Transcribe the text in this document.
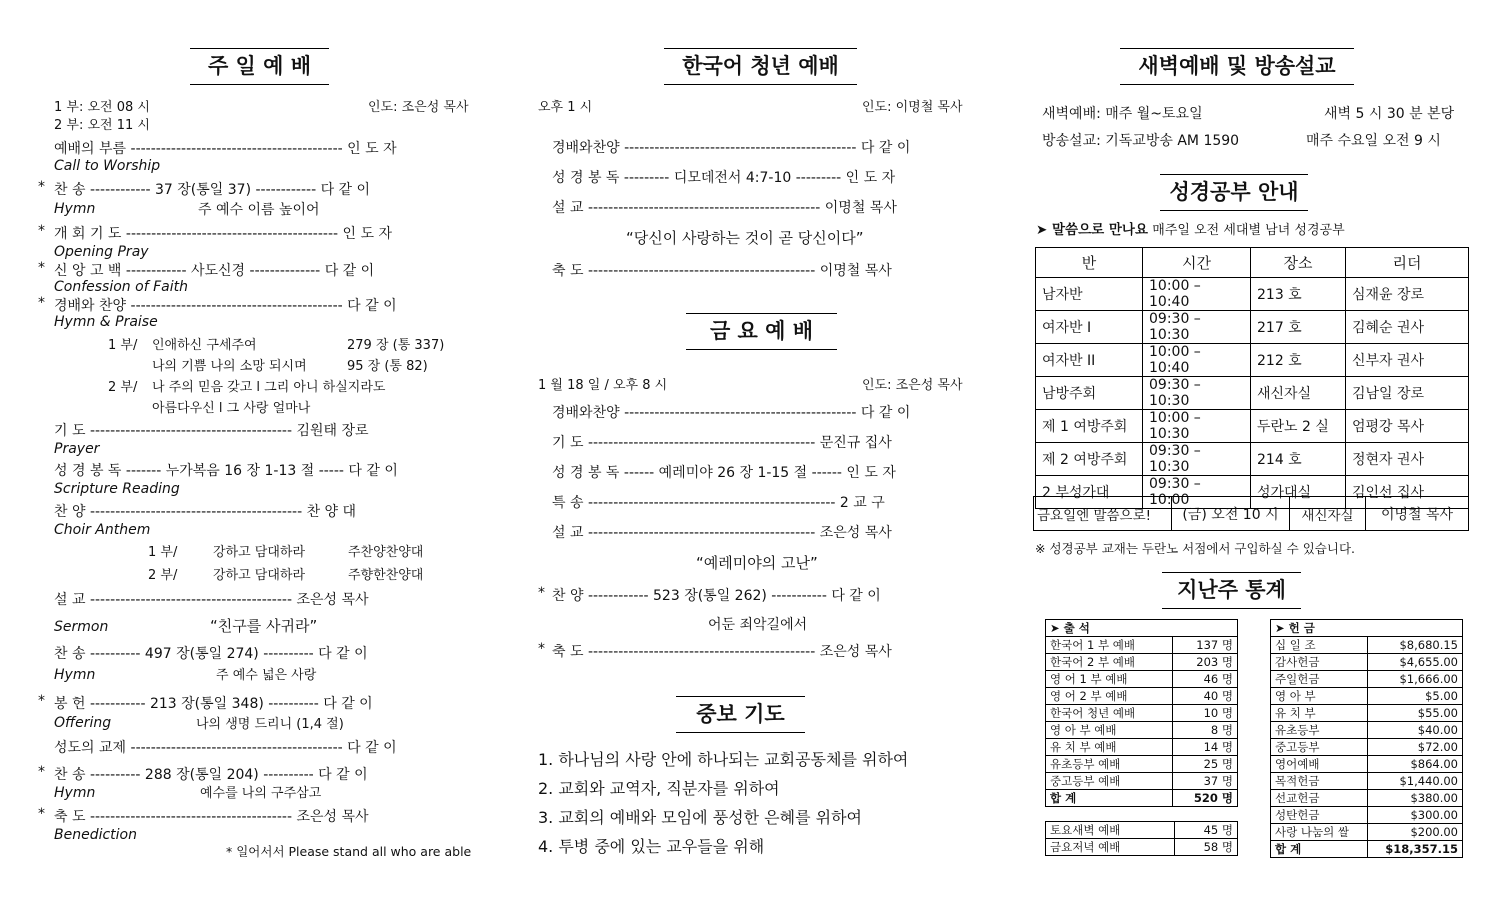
주 일 예 배
1 부: 오전 08 시
2 부: 오전 11 시
인도: 조은성 목사
예배의 부름 ------------------------------------------ 인 도 자
Call to Worship
* 찬 송 ------------ 37 장(통일 37) ------------ 다 같 이
Hymn	주 예수 이름 높이어
* 개 회 기 도 ------------------------------------------ 인 도 자
Opening Pray
* 신 앙 고 백 ------------ 사도신경 -------------- 다 같 이
Confession of Faith
* 경배와 찬양 ------------------------------------------ 다 같 이
Hymn & Praise
1 부/ 인애하신 구세주여	279 장 (통 337)
나의 기쁨 나의 소망 되시며	95 장 (통 82)
2 부/ 나 주의 믿음 갖고 l 그리 아니 하실지라도
아름다우신 l 그 사랑 얼마나
기 도 ---------------------------------------- 김원태 장로
Prayer
성 경 봉 독 ------- 누가복음 16 장 1-13 절 ----- 다 같 이
Scripture Reading
찬 양 ------------------------------------------ 찬 양 대
Choir Anthem
1 부/	강하고 담대하라	주찬양찬양대
2 부/	강하고 담대하라	주향한찬양대
설 교 ---------------------------------------- 조은성 목사
Sermon	“친구를 사귀라”
찬 송 ---------- 497 장(통일 274) ---------- 다 같 이
Hymn	주 예수 넓은 사랑
* 봉 헌 ----------- 213 장(통일 348) ---------- 다 같 이
Offering	나의 생명 드리니 (1,4 절)
성도의 교제 ------------------------------------------ 다 같 이
* 찬 송 ---------- 288 장(통일 204) ---------- 다 같 이
Hymn	예수를 나의 구주삼고
* 축 도 ---------------------------------------- 조은성 목사
Benediction
* 일어서서 Please stand all who are able
한국어 청년 예배
오후 1 시	인도: 이명철 목사
경배와찬양 ---------------------------------------------- 다 같 이
성 경 봉 독 --------- 디모데전서 4:7-10 --------- 인 도 자
설 교 ---------------------------------------------- 이명철 목사
“당신이 사랑하는 것이 곧 당신이다”
축 도 --------------------------------------------- 이명철 목사
금 요 예 배
1 월 18 일 / 오후 8 시	인도: 조은성 목사
경배와찬양 ---------------------------------------------- 다 같 이
기 도 --------------------------------------------- 문진규 집사
성 경 봉 독 ------ 예레미야 26 장 1-15 절 ------ 인 도 자
특 송 ------------------------------------------------- 2 교 구
설 교 --------------------------------------------- 조은성 목사
“예레미야의 고난”
* 찬 양 ------------ 523 장(통일 262) ----------- 다 같 이
어둔 죄악길에서
* 축 도 --------------------------------------------- 조은성 목사
중보 기도
1. 하나님의 사랑 안에 하나되는 교회공동체를 위하여
2. 교회와 교역자, 직분자를 위하여
3. 교회의 예배와 모임에 풍성한 은혜를 위하여
4. 투병 중에 있는 교우들을 위해
새벽예배 및 방송설교
새벽예배: 매주 월~토요일	새벽 5 시 30 분 본당
방송설교: 기독교방송 AM 1590	매주 수요일 오전 9 시
성경공부 안내
➤ 말씀으로 만나요 매주일 오전 세대별 남녀 성경공부
반	시간	장소	리더
남자반	10:00 – 10:40	213 호	심재윤 장로
여자반 I	09:30 – 10:30	217 호	김혜순 권사
여자반 II	10:00 – 10:40	212 호	신부자 권사
남방주회	09:30 – 10:30	새신자실	김남일 장로
제 1 여방주회	10:00 – 10:30	두란노 2 실	엄평강 목사
제 2 여방주회	09:30 – 10:30	214 호	정현자 권사
2 부성가대	09:30 – 10:00	성가대실	김인선 집사
금요일엔 말씀으로!	(금) 오전 10 시	새신자실	이명철 목사
※ 성경공부 교재는 두란노 서점에서 구입하실 수 있습니다.
지난주 통계
➤ 출 석	
한국어 1 부 예배	137 명
한국어 2 부 예배	203 명
영 어 1 부 예배	46 명
영 어 2 부 예배	40 명
한국어 청년 예배	10 명
영 아 부 예배	8 명
유 치 부 예배	14 명
유초등부 예배	25 명
중고등부 예배	37 명
합 계	520 명
토요새벽 예배	45 명
금요저녁 예배	58 명
➤ 헌 금	
십 일 조	$8,680.15
감사헌금	$4,655.00
주일헌금	$1,666.00
영 아 부	$5.00
유 치 부	$55.00
유초등부	$40.00
중고등부	$72.00
영어예배	$864.00
목적헌금	$1,440.00
선교헌금	$380.00
성탄헌금	$300.00
사랑 나눔의 쌀	$200.00
합 계	$18,357.15
